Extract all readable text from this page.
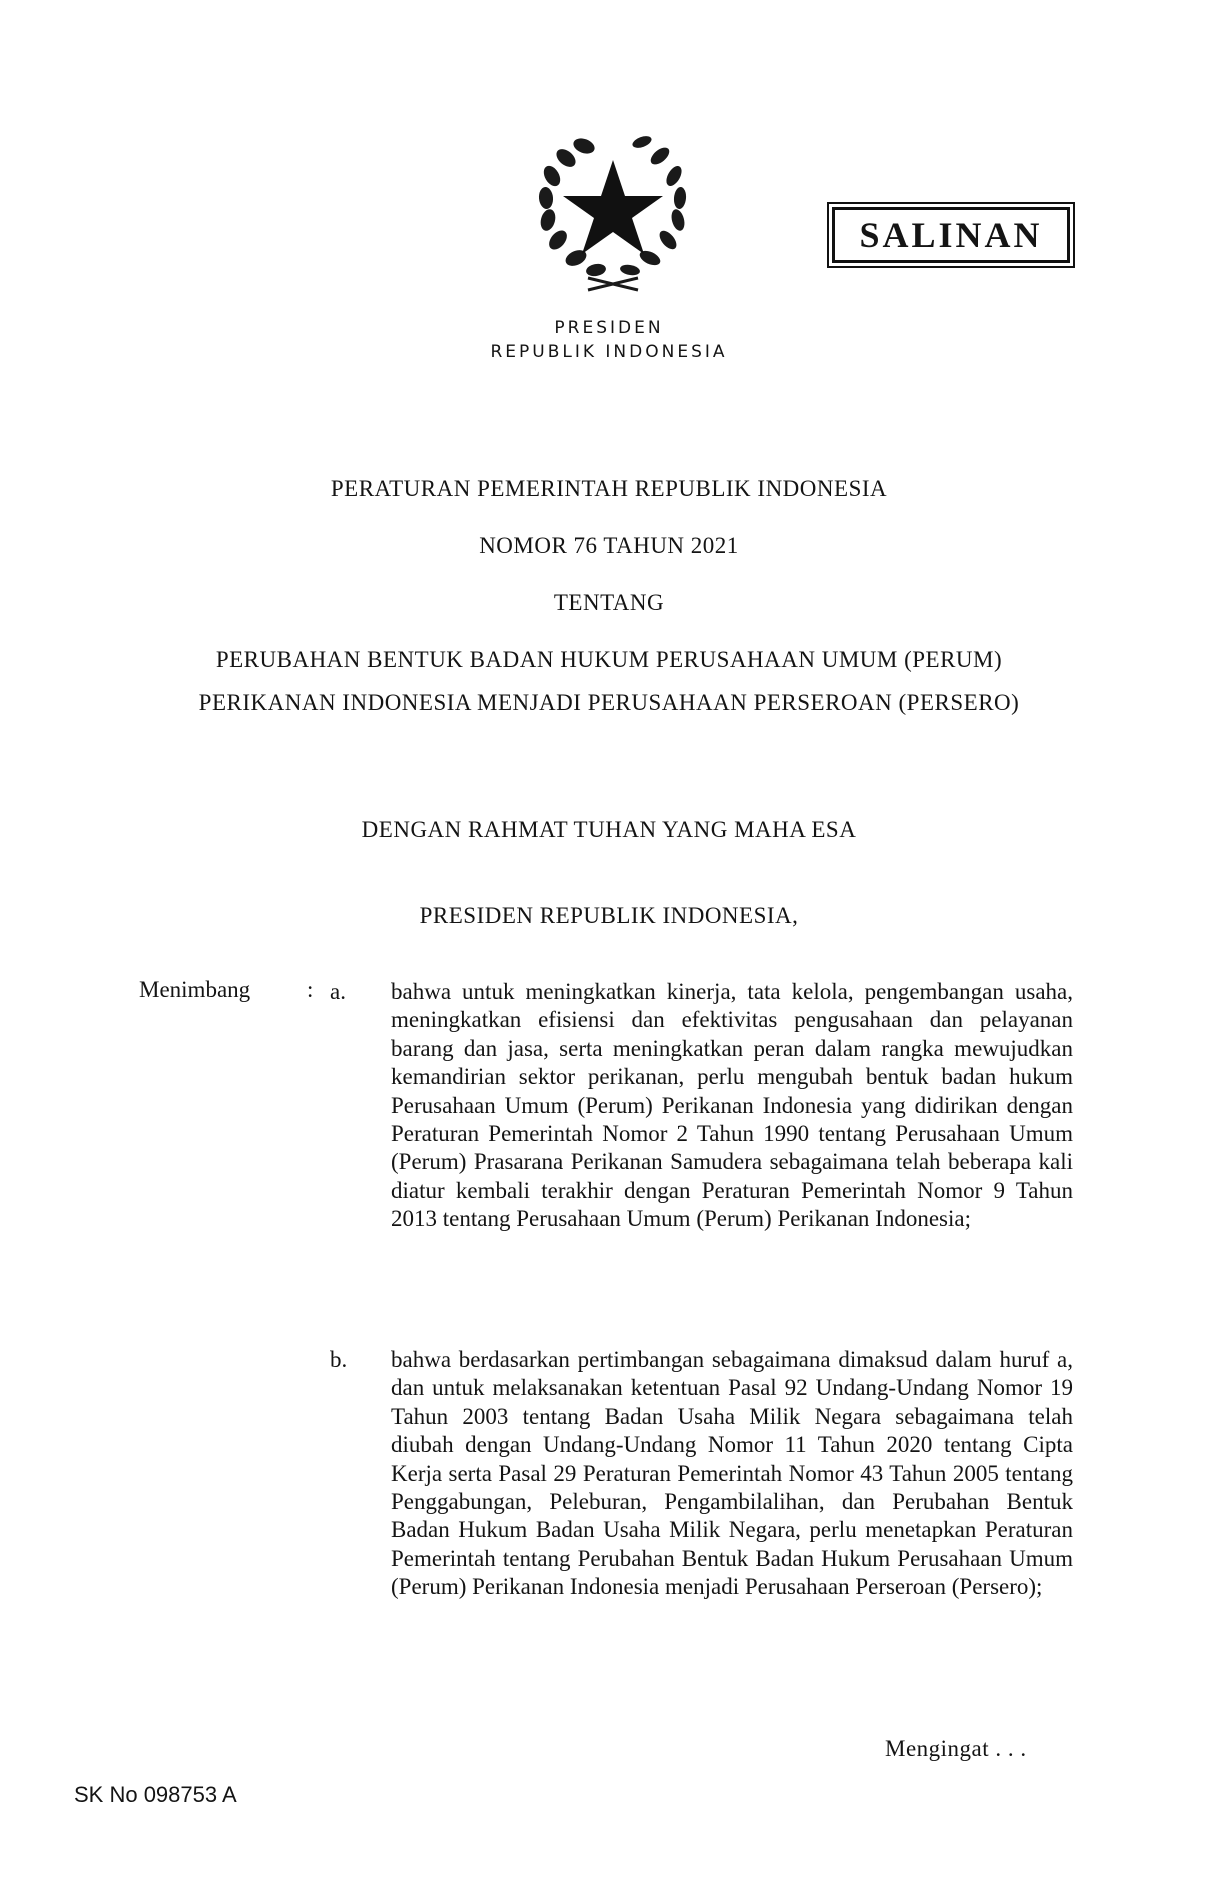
SALINAN
PRESIDEN
REPUBLIK INDONESIA
PERATURAN PEMERINTAH REPUBLIK INDONESIA
NOMOR 76 TAHUN 2021
TENTANG
PERUBAHAN BENTUK BADAN HUKUM PERUSAHAAN UMUM (PERUM)
PERIKANAN INDONESIA MENJADI PERUSAHAAN PERSEROAN (PERSERO)
DENGAN RAHMAT TUHAN YANG MAHA ESA
PRESIDEN REPUBLIK INDONESIA,
Menimbang : a. bahwa untuk meningkatkan kinerja, tata kelola, pengembangan usaha, meningkatkan efisiensi dan efektivitas pengusahaan dan pelayanan barang dan jasa, serta meningkatkan peran dalam rangka mewujudkan kemandirian sektor perikanan, perlu mengubah bentuk badan hukum Perusahaan Umum (Perum) Perikanan Indonesia yang didirikan dengan Peraturan Pemerintah Nomor 2 Tahun 1990 tentang Perusahaan Umum (Perum) Prasarana Perikanan Samudera sebagaimana telah beberapa kali diatur kembali terakhir dengan Peraturan Pemerintah Nomor 9 Tahun 2013 tentang Perusahaan Umum (Perum) Perikanan Indonesia;
b. bahwa berdasarkan pertimbangan sebagaimana dimaksud dalam huruf a, dan untuk melaksanakan ketentuan Pasal 92 Undang-Undang Nomor 19 Tahun 2003 tentang Badan Usaha Milik Negara sebagaimana telah diubah dengan Undang-Undang Nomor 11 Tahun 2020 tentang Cipta Kerja serta Pasal 29 Peraturan Pemerintah Nomor 43 Tahun 2005 tentang Penggabungan, Peleburan, Pengambilalihan, dan Perubahan Bentuk Badan Hukum Badan Usaha Milik Negara, perlu menetapkan Peraturan Pemerintah tentang Perubahan Bentuk Badan Hukum Perusahaan Umum (Perum) Perikanan Indonesia menjadi Perusahaan Perseroan (Persero);
Mengingat . . .
SK No 098753 A
